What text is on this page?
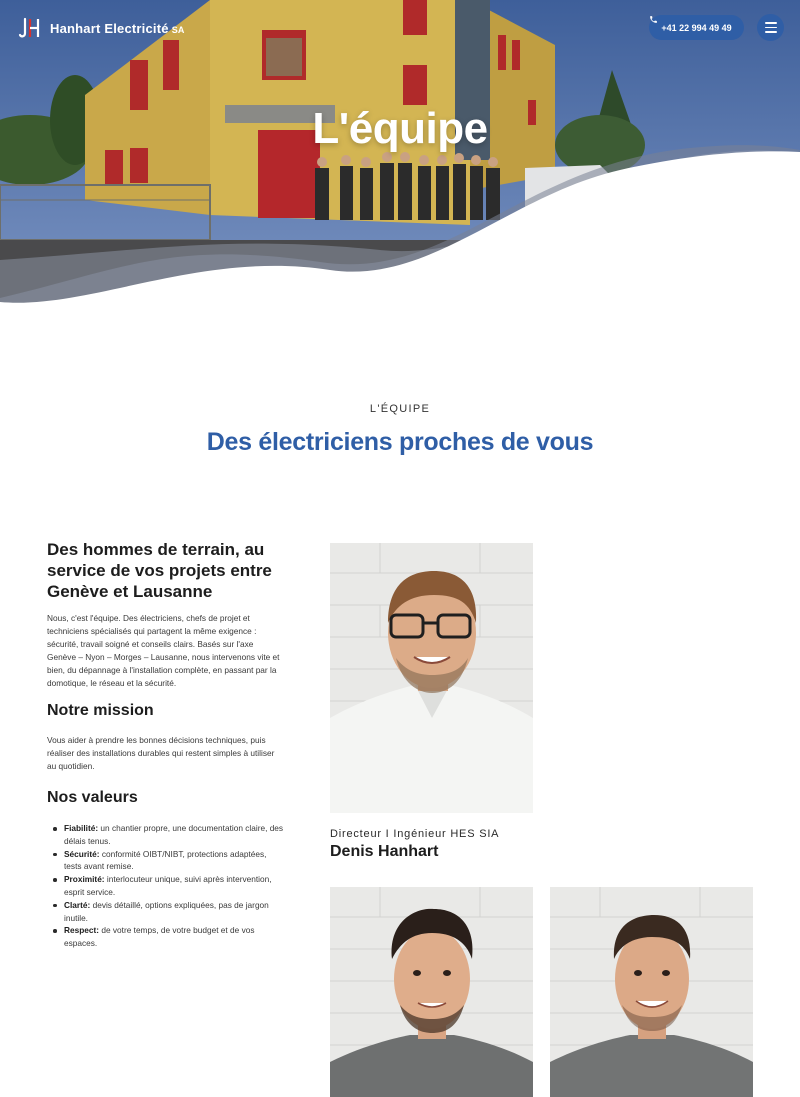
Hanhart Electricité SA	+41 22 994 49 49
L'équipe
L'ÉQUIPE
Des électriciens proches de vous
Des hommes de terrain, au service de vos projets entre Genève et Lausanne

Nous, c'est l'équipe. Des électriciens, chefs de projet et techniciens spécialisés qui partagent la même exigence : sécurité, travail soigné et conseils clairs. Basés sur l'axe Genève – Nyon – Morges – Lausanne, nous intervenons vite et bien, du dépannage à l'installation complète, en passant par la domotique, le réseau et la sécurité.

Notre mission

Vous aider à prendre les bonnes décisions techniques, puis réaliser des installations durables qui restent simples à utiliser au quotidien.

Nos valeurs
Fiabilité: un chantier propre, une documentation claire, des délais tenus.
Sécurité: conformité OIBT/NIBT, protections adaptées, tests avant remise.
Proximité: interlocuteur unique, suivi après intervention, esprit service.
Clarté: devis détaillé, options expliquées, pas de jargon inutile.
Respect: de votre temps, de votre budget et de vos espaces.
Directeur I Ingénieur HES SIA
Denis Hanhart
